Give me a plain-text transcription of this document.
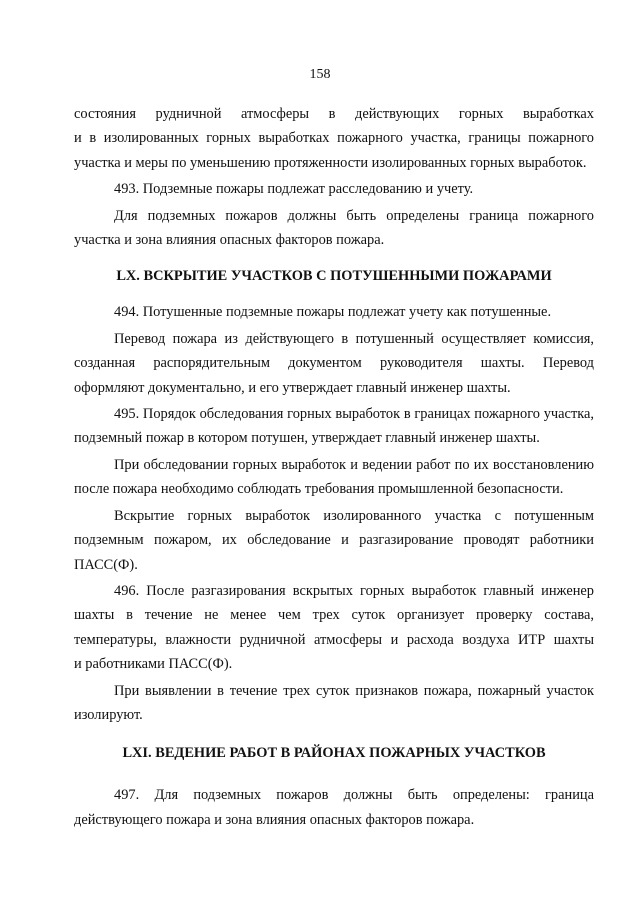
158

состояния рудничной атмосферы в действующих горных выработках
и в изолированных горных выработках пожарного участка, границы пожарного
участка и меры по уменьшению протяженности изолированных горных выработок.

493. Подземные пожары подлежат расследованию и учету.

Для подземных пожаров должны быть определены граница пожарного
участка и зона влияния опасных факторов пожара.

LX. ВСКРЫТИЕ УЧАСТКОВ С ПОТУШЕННЫМИ ПОЖАРАМИ

494. Потушенные подземные пожары подлежат учету как потушенные.

Перевод пожара из действующего в потушенный осуществляет комиссия,
созданная распорядительным документом руководителя шахты. Перевод
оформляют документально, и его утверждает главный инженер шахты.

495. Порядок обследования горных выработок в границах пожарного участка,
подземный пожар в котором потушен, утверждает главный инженер шахты.

При обследовании горных выработок и ведении работ по их восстановлению
после пожара необходимо соблюдать требования промышленной безопасности.

Вскрытие горных выработок изолированного участка с потушенным
подземным пожаром, их обследование и разгазирование проводят работники
ПАСС(Ф).

496. После разгазирования вскрытых горных выработок главный инженер
шахты в течение не менее чем трех суток организует проверку состава,
температуры, влажности рудничной атмосферы и расхода воздуха ИТР шахты
и работниками ПАСС(Ф).

При выявлении в течение трех суток признаков пожара, пожарный участок
изолируют.

LXI. ВЕДЕНИЕ РАБОТ В РАЙОНАХ ПОЖАРНЫХ УЧАСТКОВ

497. Для подземных пожаров должны быть определены: граница
действующего пожара и зона влияния опасных факторов пожара.
